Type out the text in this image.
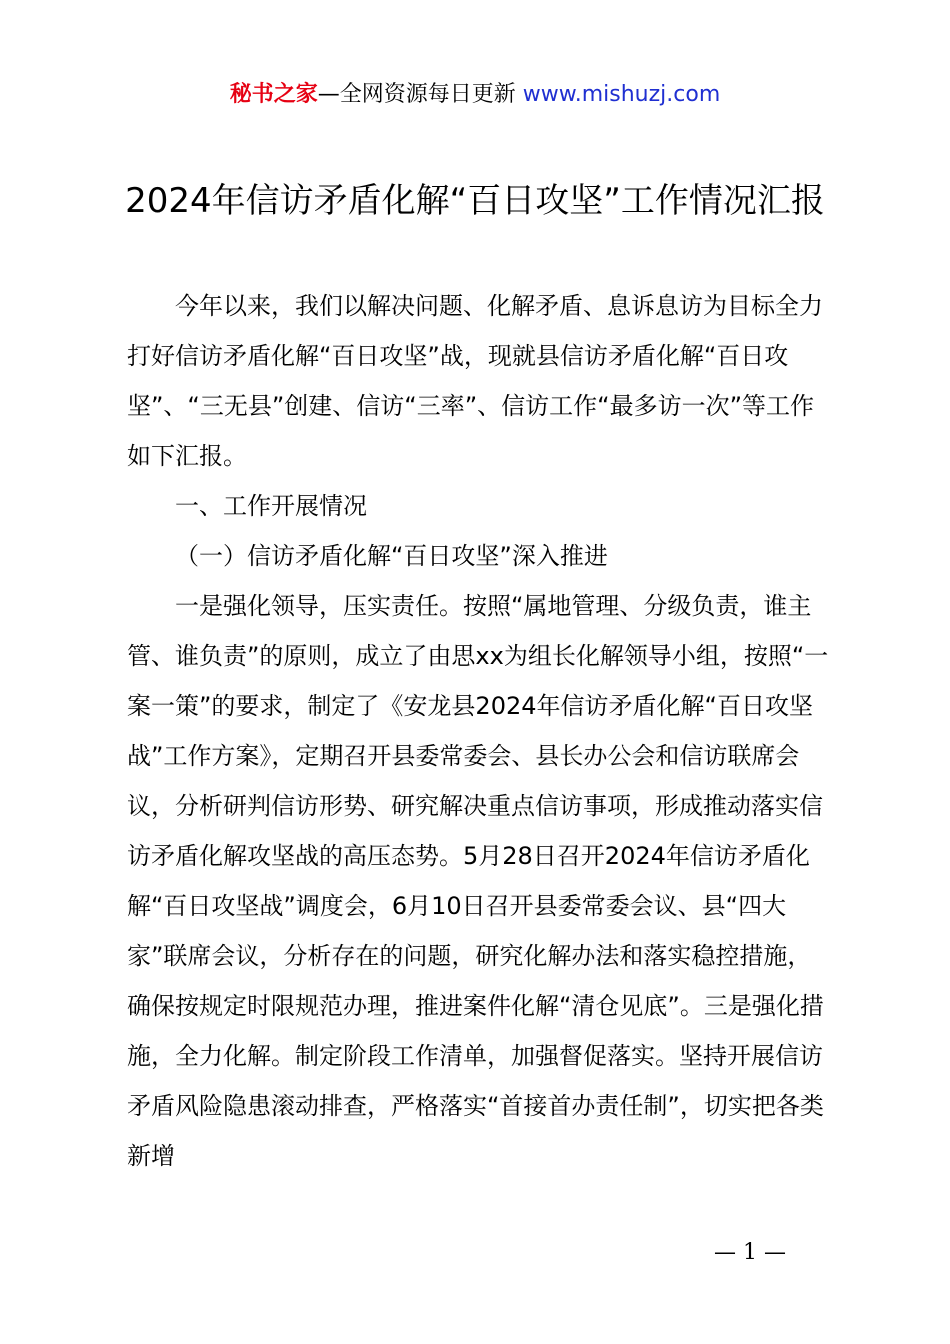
秘书之家—全网资源每日更新 www.mishuzj.com
2024年信访矛盾化解“百日攻坚”工作情况汇报

今年以来，我们以解决问题、化解矛盾、息诉息访为目标全力打好信访矛盾化解“百日攻坚”战，现就县信访矛盾化解“百日攻坚”、“三无县”创建、信访“三率”、信访工作“最多访一次”等工作如下汇报。

一、工作开展情况

（一）信访矛盾化解“百日攻坚”深入推进

一是强化领导，压实责任。按照“属地管理、分级负责，谁主管、谁负责”的原则，成立了由思xx为组长化解领导小组，按照“一案一策”的要求，制定了《安龙县2024年信访矛盾化解“百日攻坚战”工作方案》，定期召开县委常委会、县长办公会和信访联席会议，分析研判信访形势、研究解决重点信访事项，形成推动落实信访矛盾化解攻坚战的高压态势。5月28日召开2024年信访矛盾化解“百日攻坚战”调度会，6月10日召开县委常委会议、县“四大家”联席会议，分析存在的问题，研究化解办法和落实稳控措施，确保按规定时限规范办理，推进案件化解“清仓见底”。三是强化措施，全力化解。制定阶段工作清单，加强督促落实。坚持开展信访矛盾风险隐患滚动排查，严格落实“首接首办责任制”，切实把各类新增

— 1 —
